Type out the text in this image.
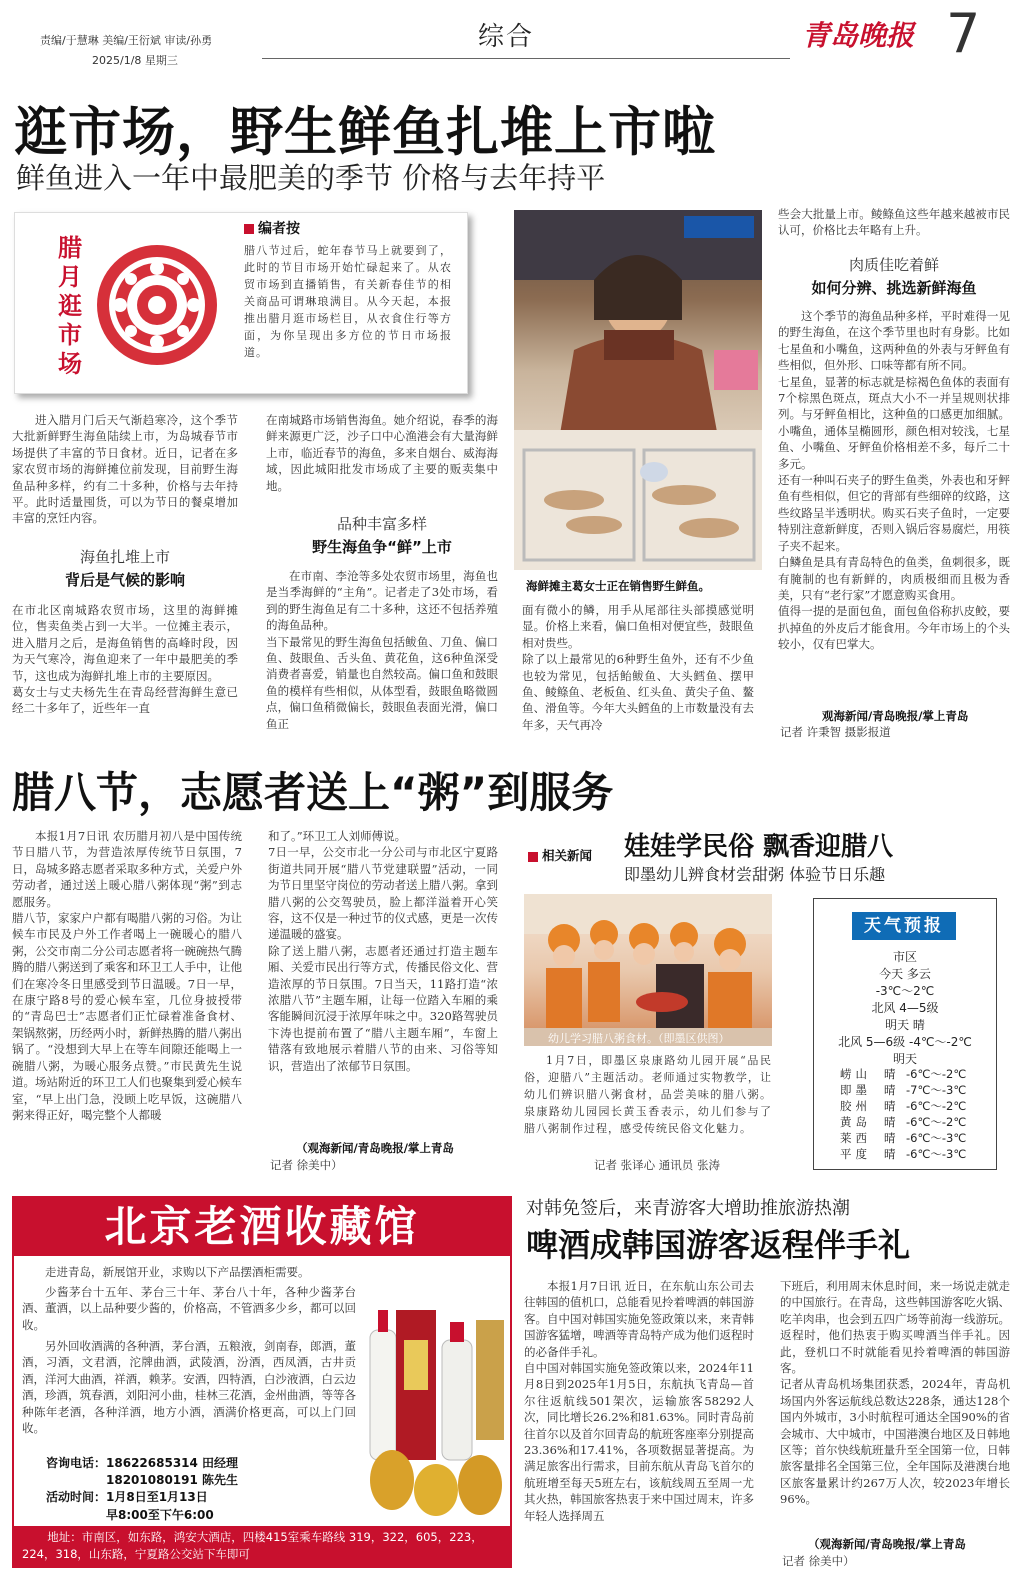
责编/于慧琳 美编/王衍斌 审读/孙勇
2025/1/8 星期三
综合	青岛晚报 7
逛市场，野生鲜鱼扎堆上市啦
鲜鱼进入一年中最肥美的季节 价格与去年持平
腊月逛市场
编者按
腊八节过后，蛇年春节马上就要到了，此时的节目市场开始忙碌起来了。从农贸市场到直播销售，有关新春佳节的相关商品可谓琳琅满目。从今天起，本报推出腊月逛市场栏目，从衣食住行等方面，为你呈现出多方位的节日市场报道。
进入腊月门后天气渐趋寒冷，这个季节大批新鲜野生海鱼陆续上市，为岛城春节市场提供了丰富的节日食材。近日，记者在多家农贸市场的海鲜摊位前发现，目前野生海鱼品种多样，约有二十多种，价格与去年持平。此时适量囤货，可以为节日的餐桌增加丰富的烹饪内容。
海鱼扎堆上市
背后是气候的影响
在市北区南城路农贸市场，这里的海鲜摊位，售卖鱼类占到一大半。一位摊主表示，进入腊月之后，是海鱼销售的高峰时段，因为天气寒冷，海鱼迎来了一年中最肥美的季节，这也成为海鲜扎堆上市的主要原因。
葛女士与丈夫杨先生在青岛经营海鲜生意已经二十多年了，近些年一直
在南城路市场销售海鱼。她介绍说，春季的海鲜来源更广泛，沙子口中心渔港会有大量海鲜上市，临近春节的海鱼，多来自烟台、威海海域，因此城阳批发市场成了主要的贩卖集中地。
品种丰富多样
野生海鱼争“鲜”上市
在市南、李沧等多处农贸市场里，海鱼也是当季海鲜的“主角”。记者走了3处市场，看到的野生海鱼足有二十多种，这还不包括养殖的海鱼品种。
当下最常见的野生海鱼包括鲅鱼、刀鱼、偏口鱼、鼓眼鱼、舌头鱼、黄花鱼，这6种鱼深受消费者喜爱，销量也自然较高。偏口鱼和鼓眼鱼的模样有些相似，从体型看，鼓眼鱼略微圆点，偏口鱼稍微偏长，鼓眼鱼表面光滑，偏口鱼正
海鲜摊主葛女士正在销售野生鲜鱼。
面有微小的鳞，用手从尾部往头部摸感觉明显。价格上来看，偏口鱼相对便宜些，鼓眼鱼相对贵些。
除了以上最常见的6种野生鱼外，还有不少鱼也较为常见，包括鲐鲅鱼、大头鳕鱼、摆甲鱼、鲮鲦鱼、老板鱼、红头鱼、黄尖子鱼、鳌鱼、滑鱼等。今年大头鳕鱼的上市数量没有去年多，天气再冷
些会大批量上市。鲮鲦鱼这些年越来越被市民认可，价格比去年略有上升。
肉质佳吃着鲜
如何分辨、挑选新鲜海鱼
这个季节的海鱼品种多样，平时难得一见的野生海鱼，在这个季节里也时有身影。比如七星鱼和小嘴鱼，这两种鱼的外表与牙鲆鱼有些相似，但外形、口味等都有所不同。
七星鱼，显著的标志就是棕褐色鱼体的表面有7个棕黑色斑点，斑点大小不一并呈规则状排列。与牙鲆鱼相比，这种鱼的口感更加细腻。小嘴鱼，通体呈椭圆形，颜色相对较浅，七星鱼、小嘴鱼、牙鲆鱼价格相差不多，每斤二十多元。
还有一种叫石夹子的野生鱼类，外表也和牙鲆鱼有些相似，但它的背部有些细碎的纹路，这些纹路呈半透明状。购买石夹子鱼时，一定要特别注意新鲜度，否则入锅后容易腐烂，用筷子夹不起来。
白鳞鱼是具有青岛特色的鱼类，鱼刺很多，既有腌制的也有新鲜的，肉质极细而且极为香美，只有“老行家”才愿意购买食用。
值得一提的是面包鱼，面包鱼俗称扒皮鲛，要扒掉鱼的外皮后才能食用。今年市场上的个头较小，仅有巴掌大。
观海新闻/青岛晚报/掌上青岛
记者 许秉智 摄影报道
腊八节，志愿者送上“粥”到服务
本报1月7日讯 农历腊月初八是中国传统节日腊八节，为营造浓厚传统节日氛围，7日，岛城多路志愿者采取多种方式，关爱户外劳动者，通过送上暖心腊八粥体现“粥”到志愿服务。
腊八节，家家户户都有喝腊八粥的习俗。为让候车市民及户外工作者喝上一碗暖心的腊八粥，公交市南二分公司志愿者将一碗碗热气腾腾的腊八粥送到了乘客和环卫工人手中，让他们在寒冷冬日里感受到节日温暖。7日一早，在康宁路8号的爱心候车室，几位身披授带的“青岛巴士”志愿者们正忙碌着准备食材、架锅熬粥，历经两小时，新鲜热腾的腊八粥出锅了。“没想到大早上在等车间隙还能喝上一碗腊八粥，为暖心服务点赞。”市民黄先生说道。场站附近的环卫工人们也聚集到爱心候车室，“早上出门急，没顾上吃早饭，这碗腊八粥来得正好，喝完整个人都暖
和了。”环卫工人刘师傅说。
7日一早，公交市北一分公司与市北区宁夏路街道共同开展“腊八节党建联盟”活动，一同为节日里坚守岗位的劳动者送上腊八粥。拿到腊八粥的公交驾驶员，脸上都洋溢着开心笑容，这不仅是一种过节的仪式感，更是一次传递温暖的盛宴。
除了送上腊八粥，志愿者还通过打造主题车厢、关爱市民出行等方式，传播民俗文化、营造浓厚的节日氛围。7日当天，11路打造“浓浓腊八节”主题车厢，让每一位踏入车厢的乘客能瞬间沉浸于浓厚年味之中。320路驾驶员卞涛也提前布置了“腊八主题车厢”，车窗上错落有致地展示着腊八节的由来、习俗等知识，营造出了浓郁节日氛围。
（观海新闻/青岛晚报/掌上青岛
记者 徐美中）
相关新闻 娃娃学民俗 飘香迎腊八
即墨幼儿辨食材尝甜粥 体验节日乐趣
幼儿学习腊八粥食材。（即墨区供图）
1月7日，即墨区泉康路幼儿园开展“品民俗，迎腊八”主题活动。老师通过实物教学，让幼儿们辨识腊八粥食材，品尝美味的腊八粥。泉康路幼儿园园长黄玉香表示，幼儿们参与了腊八粥制作过程，感受传统民俗文化魅力。
记者 张译心 通讯员 张涛
天气预报
市区
今天 多云
-3℃～2℃
北风 4—5级
明天 晴
北风 5—6级 -4℃～-2℃
明天
崂山	晴 -6℃～-2℃
即墨	晴 -7℃～-3℃
胶州	晴 -6℃～-2℃
黄岛	晴 -6℃～-2℃
莱西	晴 -6℃～-3℃
平度	晴 -6℃～-3℃
北京老酒收藏馆
走进青岛，新展馆开业，求购以下产品摆酒柜需要。
少酱茅台十五年、茅台三十年、茅台八十年，各种少酱茅台酒、董酒，以上品种要少酱的，价格高，不管酒多少乡，都可以回收。
另外回收酒满的各种酒，茅台酒，五粮液，剑南春，郎酒，董酒，习酒，文君酒，沱牌曲酒，武陵酒，汾酒，西凤酒，古井贡酒，洋河大曲酒，祥酒，赖茅。安酒，四特酒，白沙液酒，白云边酒，珍酒，筑春酒，刘阳河小曲，桂林三花酒，金州曲酒，等等各种陈年老酒，各种洋酒，地方小酒，酒满价格更高，可以上门回收。
咨询电话：18622685314 田经理
18201080191 陈先生
活动时间：1月8日至1月13日
早8:00至下午6:00
地址：市南区，如东路，鸿安大酒店，四楼415室乘车路线 319，322，605，223，224，318，山东路，宁夏路公交站下车即可
对韩免签后，来青游客大增助推旅游热潮
啤酒成韩国游客返程伴手礼
本报1月7日讯 近日，在东航山东公司去往韩国的值机口，总能看见拎着啤酒的韩国游客。自中国对韩国实施免签政策以来，来青韩国游客猛增，啤酒等青岛特产成为他们返程时的必备伴手礼。
自中国对韩国实施免签政策以来，2024年11月8日到2025年1月5日，东航执飞青岛—首尔往返航线501架次，运输旅客58292人次，同比增长26.2%和81.63%。同时青岛前往首尔以及首尔回青岛的航班客座率分别提高23.36%和17.41%，各项数据显著提高。为满足旅客出行需求，目前东航从青岛飞首尔的航班增至每天5班左右，该航线周五至周一尤其火热，韩国旅客热衷于来中国过周末，许多年轻人选择周五
下班后，利用周末休息时间，来一场说走就走的中国旅行。在青岛，这些韩国游客吃火锅、吃羊肉串，也会到五四广场等前海一线游玩。返程时，他们热衷于购买啤酒当伴手礼。因此，登机口不时就能看见拎着啤酒的韩国游客。
记者从青岛机场集团获悉，2024年，青岛机场国内外客运航线总数达228条，通达128个国内外城市，3小时航程可通达全国90%的省会城市、大中城市，中国港澳台地区及日韩地区等；首尔快线航班量升至全国第一位，日韩旅客量排名全国第三位，全年国际及港澳台地区旅客量累计约267万人次，较2023年增长96%。
（观海新闻/青岛晚报/掌上青岛
记者 徐美中）
